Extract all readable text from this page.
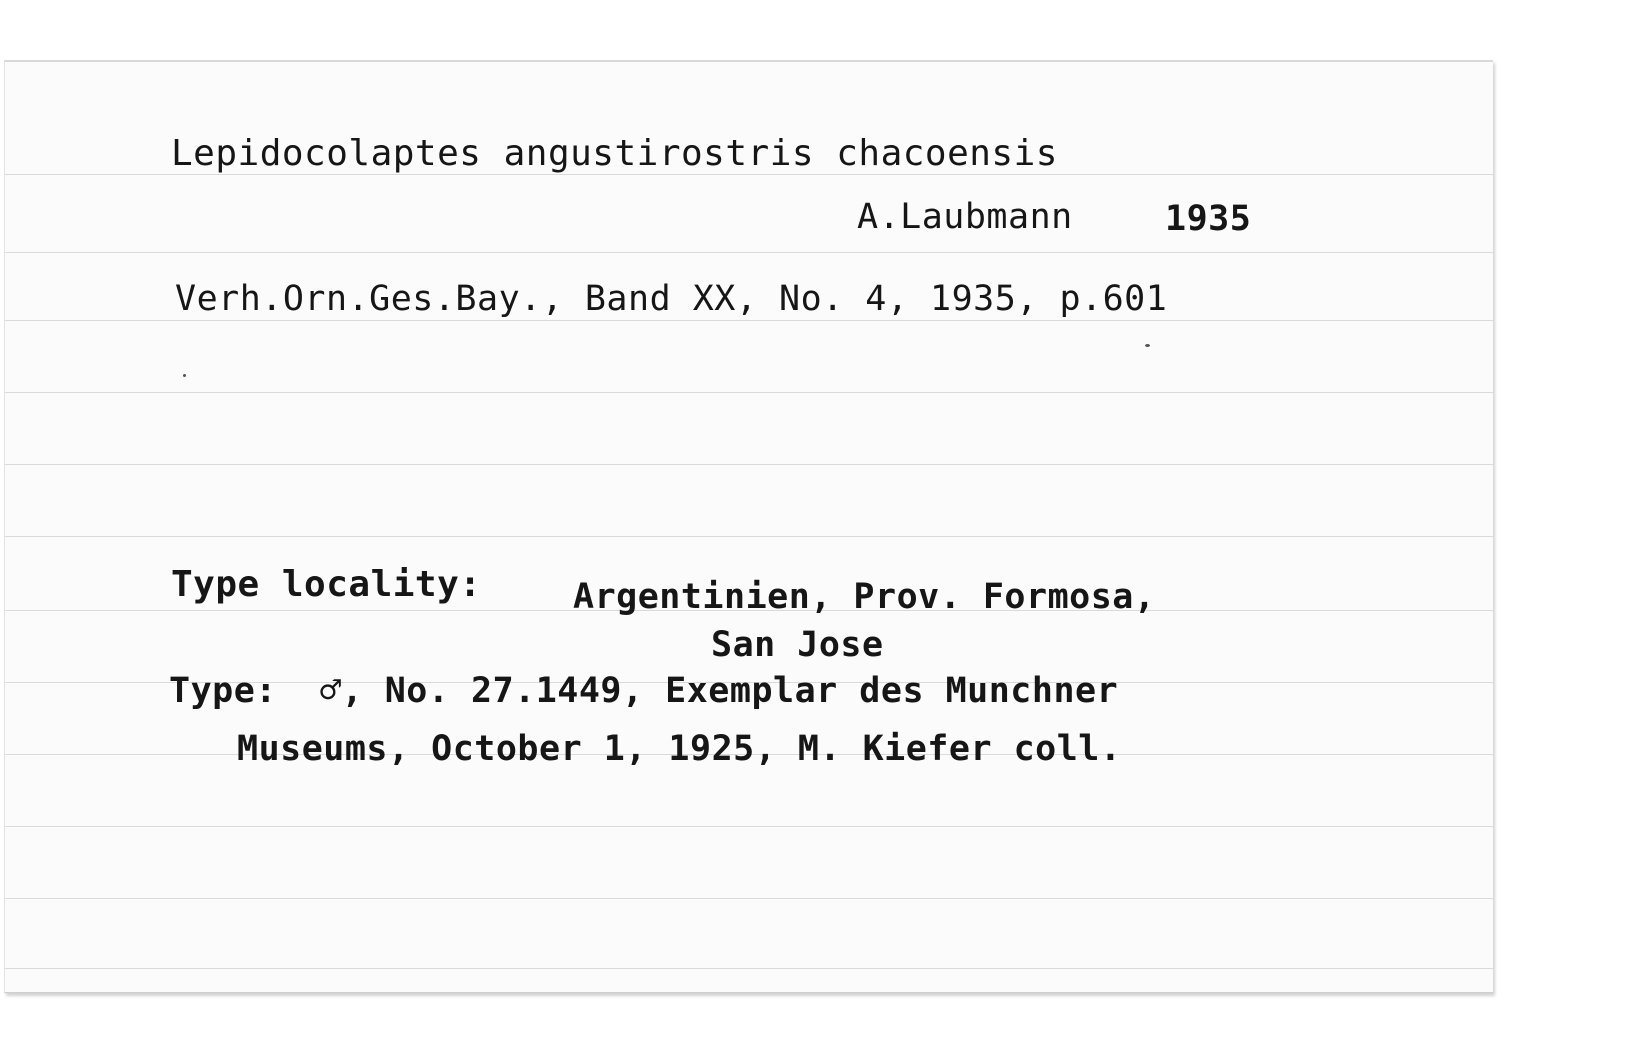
Lepidocolaptes angustirostris chacoensis
A.Laubmann	1935
Verh.Orn.Ges.Bay., Band XX, No. 4, 1935, p.601
Type locality:	Argentinien, Prov. Formosa,
San Jose
Type:  ♂, No. 27.1449, Exemplar des Munchner
Museums, October 1, 1925, M. Kiefer coll.
